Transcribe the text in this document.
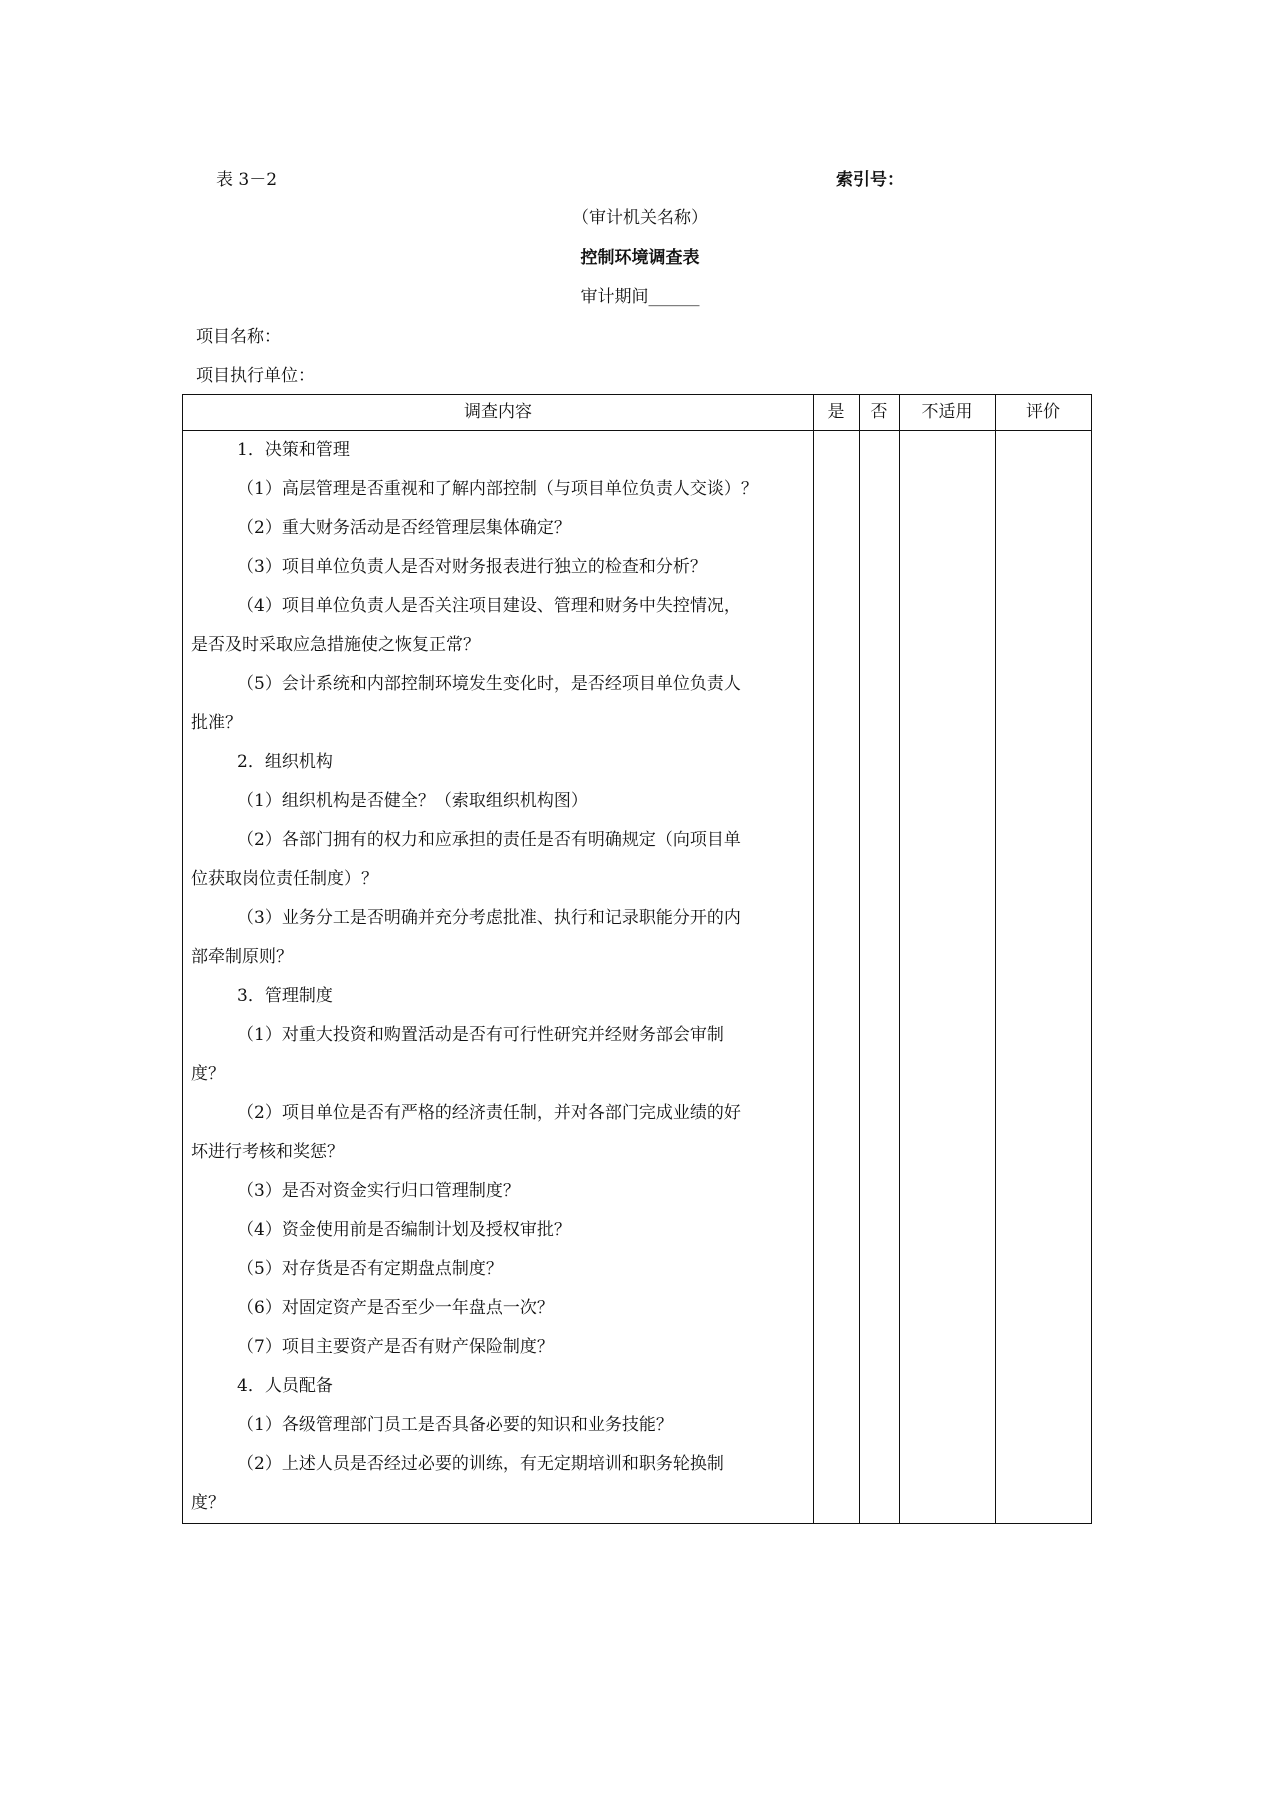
表 3－2	索引号：
（审计机关名称）
控制环境调查表
审计期间______
项目名称：
项目执行单位：
调查内容	是	否	不适用	评价
1．决策和管理
（1）高层管理是否重视和了解内部控制（与项目单位负责人交谈）？
（2）重大财务活动是否经管理层集体确定？
（3）项目单位负责人是否对财务报表进行独立的检查和分析？
（4）项目单位负责人是否关注项目建设、管理和财务中失控情况，
是否及时采取应急措施使之恢复正常？
（5）会计系统和内部控制环境发生变化时，是否经项目单位负责人
批准？
2．组织机构
（1）组织机构是否健全？（索取组织机构图）
（2）各部门拥有的权力和应承担的责任是否有明确规定（向项目单
位获取岗位责任制度）？
（3）业务分工是否明确并充分考虑批准、执行和记录职能分开的内
部牵制原则？
3．管理制度
（1）对重大投资和购置活动是否有可行性研究并经财务部会审制
度？
（2）项目单位是否有严格的经济责任制，并对各部门完成业绩的好
坏进行考核和奖惩？
（3）是否对资金实行归口管理制度？
（4）资金使用前是否编制计划及授权审批？
（5）对存货是否有定期盘点制度？
（6）对固定资产是否至少一年盘点一次？
（7）项目主要资产是否有财产保险制度？
4．人员配备
（1）各级管理部门员工是否具备必要的知识和业务技能？
（2）上述人员是否经过必要的训练，有无定期培训和职务轮换制
度？
